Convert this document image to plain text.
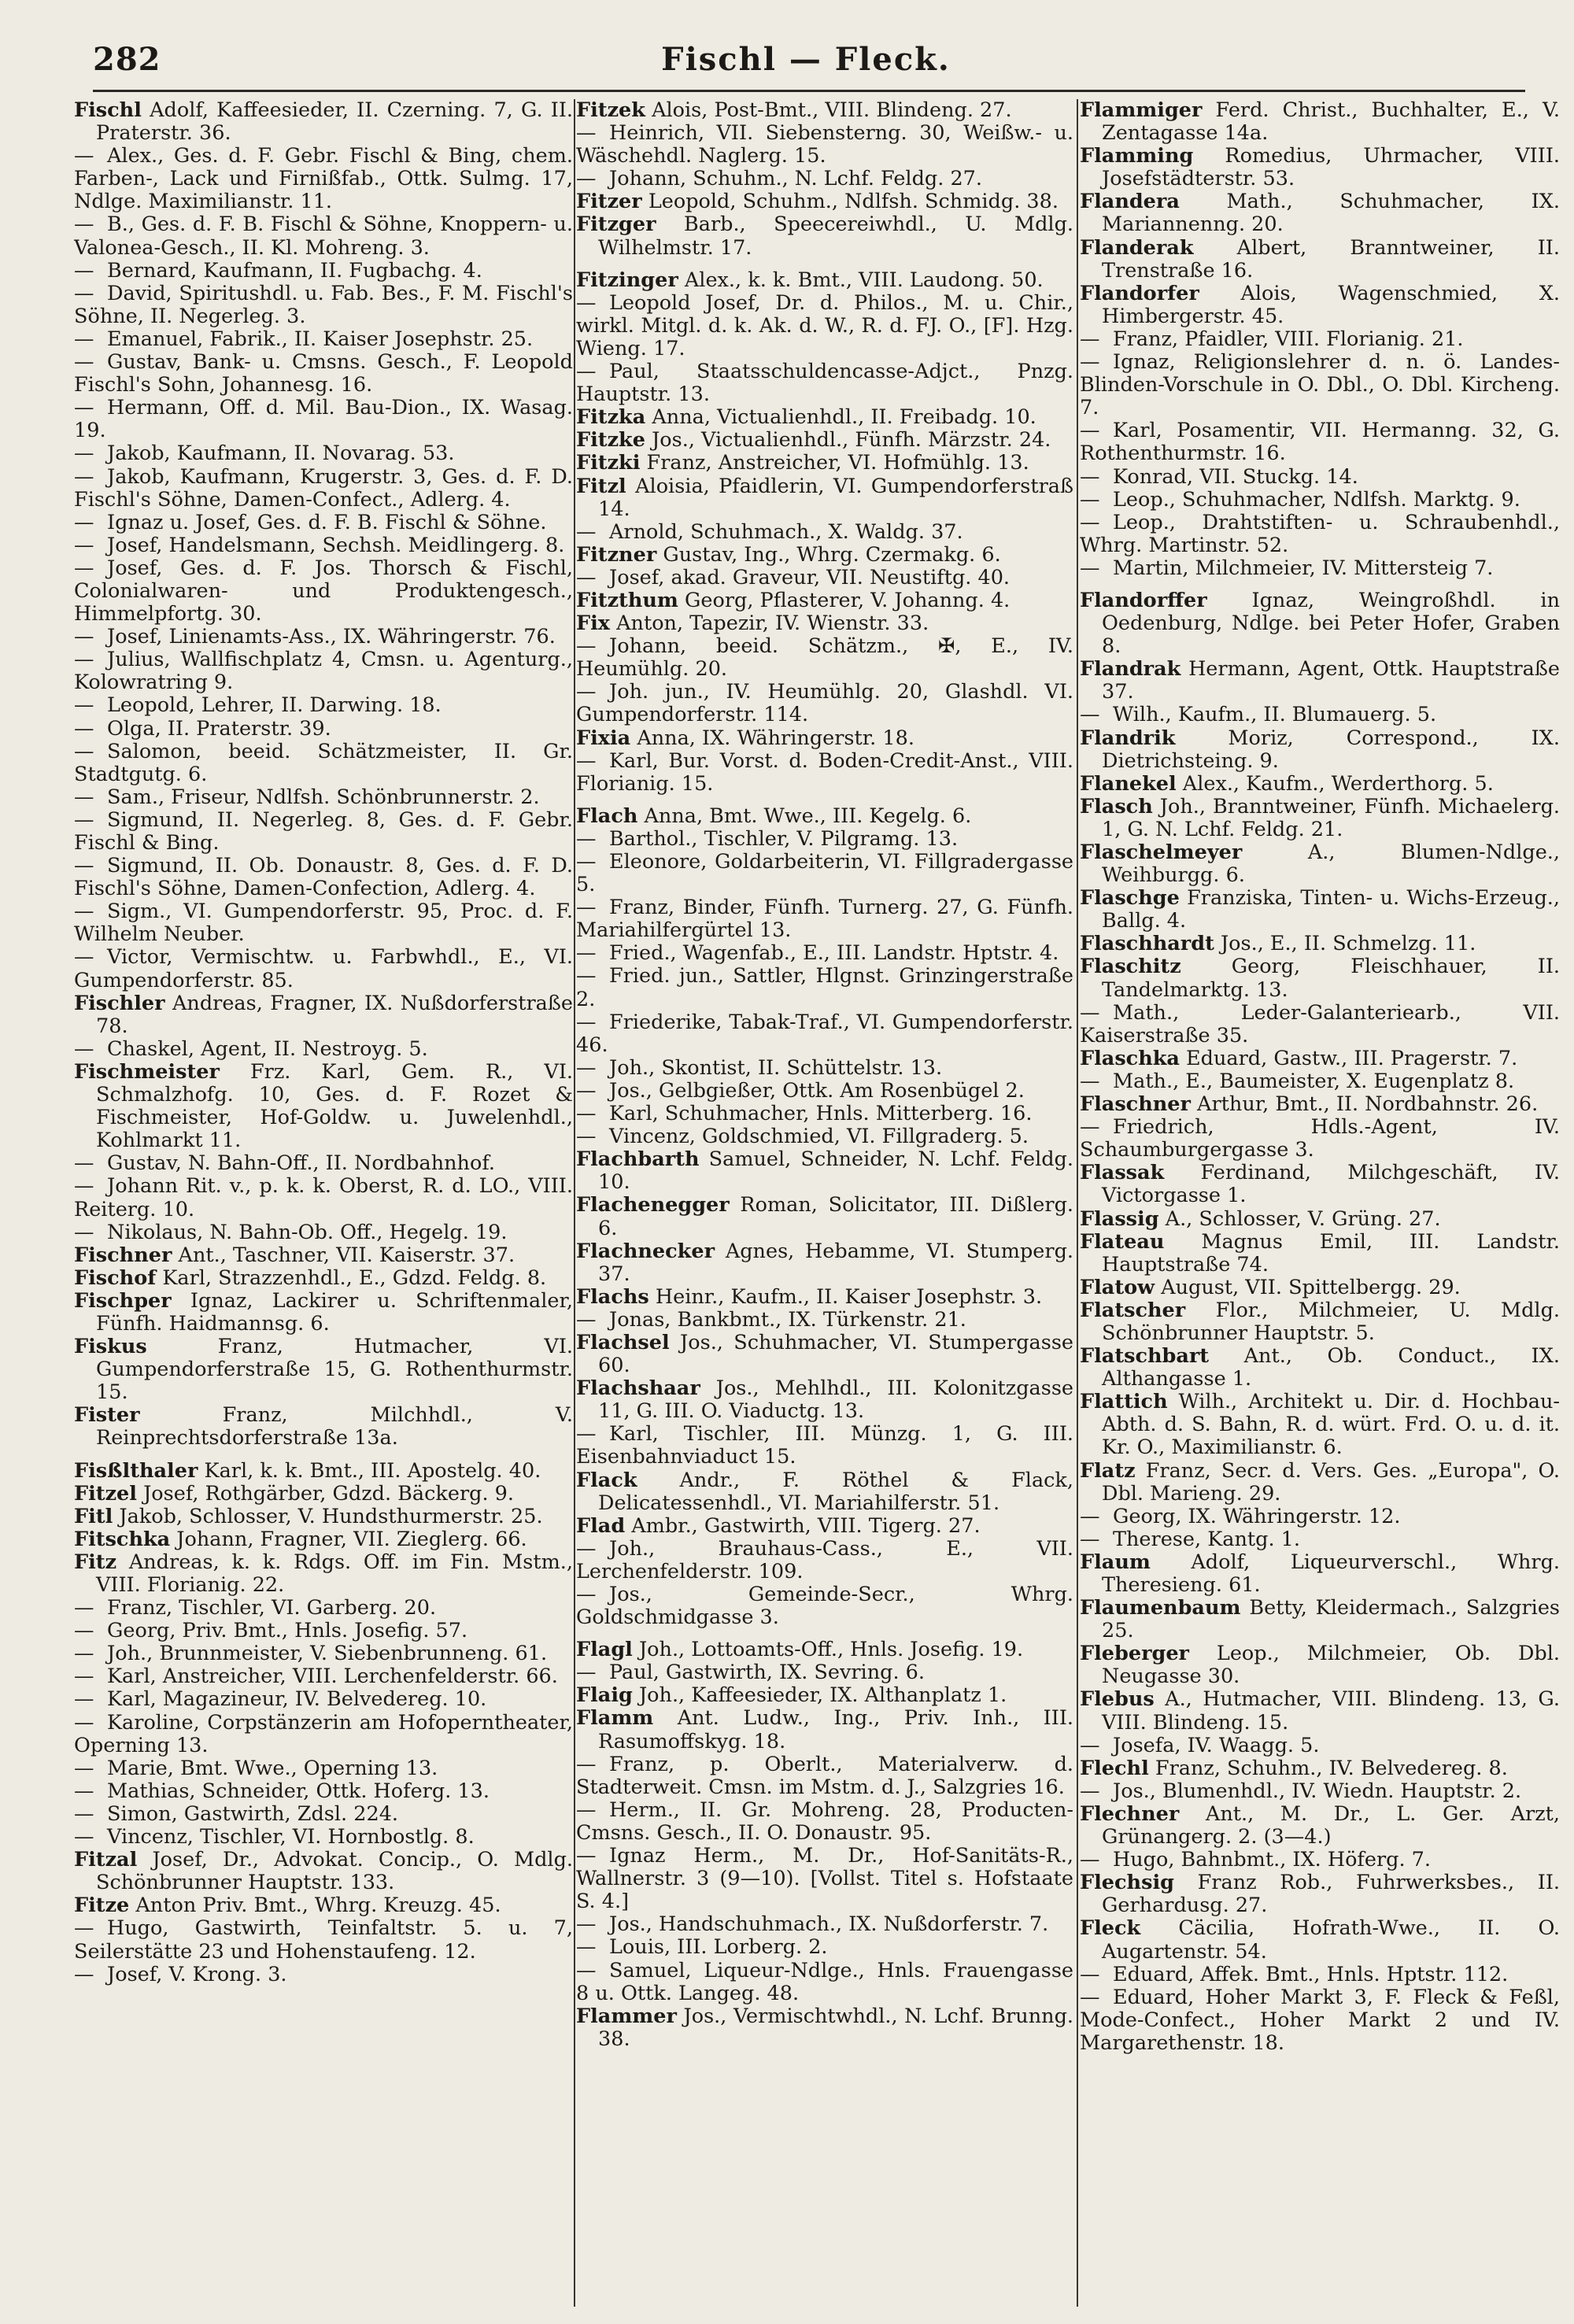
282	Fischl — Fleck.

Fischl Adolf, Kaffeesieder, II. Czerning. 7, G. II. Praterstr. 36.

— Alex., Ges. d. F. Gebr. Fischl & Bing, chem. Farben-, Lack und Firnißfab., Ottk. Sulmg. 17, Ndlge. Maximilianstr. 11.

— B., Ges. d. F. B. Fischl & Söhne, Knoppern- u. Valonea-Gesch., II. Kl. Mohreng. 3.

— Bernard, Kaufmann, II. Fugbachg. 4.

— David, Spiritushdl. u. Fab. Bes., F. M. Fischl's Söhne, II. Negerleg. 3.

— Emanuel, Fabrik., II. Kaiser Josephstr. 25.

— Gustav, Bank- u. Cmsns. Gesch., F. Leopold Fischl's Sohn, Johannesg. 16.

— Hermann, Off. d. Mil. Bau-Dion., IX. Wasag. 19.

— Jakob, Kaufmann, II. Novarag. 53.

— Jakob, Kaufmann, Krugerstr. 3, Ges. d. F. D. Fischl's Söhne, Damen-Confect., Adlerg. 4.

— Ignaz u. Josef, Ges. d. F. B. Fischl & Söhne.

— Josef, Handelsmann, Sechsh. Meidlingerg. 8.

— Josef, Ges. d. F. Jos. Thorsch & Fischl, Colonialwaren- und Produktengesch., Himmelpfortg. 30.

— Josef, Linienamts-Ass., IX. Währingerstr. 76.

— Julius, Wallfischplatz 4, Cmsn. u. Agenturg., Kolowratring 9.

— Leopold, Lehrer, II. Darwing. 18.

— Olga, II. Praterstr. 39.

— Salomon, beeid. Schätzmeister, II. Gr. Stadtgutg. 6.

— Sam., Friseur, Ndlfsh. Schönbrunnerstr. 2.

— Sigmund, II. Negerleg. 8, Ges. d. F. Gebr. Fischl & Bing.

— Sigmund, II. Ob. Donaustr. 8, Ges. d. F. D. Fischl's Söhne, Damen-Confection, Adlerg. 4.

— Sigm., VI. Gumpendorferstr. 95, Proc. d. F. Wilhelm Neuber.

— Victor, Vermischtw. u. Farbwhdl., E., VI. Gumpendorferstr. 85.

Fischler Andreas, Fragner, IX. Nußdorferstraße 78.

— Chaskel, Agent, II. Nestroyg. 5.

Fischmeister Frz. Karl, Gem. R., VI. Schmalzhofg. 10, Ges. d. F. Rozet & Fischmeister, Hof-Goldw. u. Juwelenhdl., Kohlmarkt 11.

— Gustav, N. Bahn-Off., II. Nordbahnhof.

— Johann Rit. v., p. k. k. Oberst, R. d. LO., VIII. Reiterg. 10.

— Nikolaus, N. Bahn-Ob. Off., Hegelg. 19.

Fischner Ant., Taschner, VII. Kaiserstr. 37.

Fischof Karl, Strazzenhdl., E., Gdzd. Feldg. 8.

Fischper Ignaz, Lackirer u. Schriftenmaler, Fünfh. Haidmannsg. 6.

Fiskus	Franz, Hutmacher, VI. Gumpendorferstraße 15, G. Rothenthurmstr. 15.

Fister	Franz, Milchhdl., V. Reinprechtsdorferstraße 13a.

Fisßlthaler Karl, k. k. Bmt., III. Apostelg. 40.

Fitzel Josef, Rothgärber, Gdzd. Bäckerg. 9.

Fitl Jakob, Schlosser, V. Hundsthurmerstr. 25.

Fitschka Johann, Fragner, VII. Zieglerg. 66.

Fitz Andreas, k. k. Rdgs. Off. im Fin. Mstm., VIII. Florianig. 22.

— Franz, Tischler, VI. Garberg. 20.

— Georg, Priv. Bmt., Hnls. Josefig. 57.

— Joh., Brunnmeister, V. Siebenbrunneng. 61.

— Karl, Anstreicher, VIII. Lerchenfelderstr. 66.

— Karl, Magazineur, IV. Belvedereg. 10.

— Karoline, Corpstänzerin am Hofoperntheater, Operning 13.

— Marie, Bmt. Wwe., Operning 13.

— Mathias, Schneider, Ottk. Hoferg. 13.

— Simon, Gastwirth, Zdsl. 224.

— Vincenz, Tischler, VI. Hornbostlg. 8.

Fitzal Josef, Dr., Advokat. Concip., O. Mdlg. Schönbrunner Hauptstr. 133.

Fitze Anton Priv. Bmt., Whrg. Kreuzg. 45.

— Hugo, Gastwirth, Teinfaltstr. 5. u. 7, Seilerstätte 23 und Hohenstaufeng. 12.

— Josef, V. Krong. 3.

Fitzek Alois, Post-Bmt., VIII. Blindeng. 27.

— Heinrich, VII. Siebensterng. 30, Weißw.- u. Wäschehdl. Naglerg. 15.

— Johann, Schuhm., N. Lchf. Feldg. 27.

Fitzer Leopold, Schuhm., Ndlfsh. Schmidg. 38.

Fitzger Barb., Speecereiwhdl., U. Mdlg. Wilhelmstr. 17.

Fitzinger Alex., k. k. Bmt., VIII. Laudong. 50.

— Leopold Josef, Dr. d. Philos., M. u. Chir., wirkl. Mitgl. d. k. Ak. d. W., R. d. FJ. O., [F]. Hzg. Wieng. 17.

— Paul, Staatsschuldencasse-Adjct., Pnzg. Hauptstr. 13.

Fitzka Anna, Victualienhdl., II. Freibadg. 10.

Fitzke Jos., Victualienhdl., Fünfh. Märzstr. 24.

Fitzki Franz, Anstreicher, VI. Hofmühlg. 13.

Fitzl Aloisia, Pfaidlerin, VI. Gumpendorferstraß 14.

— Arnold, Schuhmach., X. Waldg. 37.

Fitzner Gustav, Ing., Whrg. Czermakg. 6.

— Josef, akad. Graveur, VII. Neustiftg. 40.

Fitzthum Georg, Pflasterer, V. Johanng. 4.

Fix Anton, Tapezir, IV. Wienstr. 33.

— Johann, beeid. Schätzm., ✠, E., IV. Heumühlg. 20.

— Joh. jun., IV. Heumühlg. 20, Glashdl. VI. Gumpendorferstr. 114.

Fixia Anna, IX. Währingerstr. 18.

— Karl, Bur. Vorst. d. Boden-Credit-Anst., VIII. Florianig. 15.

Flach Anna, Bmt. Wwe., III. Kegelg. 6.

— Barthol., Tischler, V. Pilgramg. 13.

— Eleonore, Goldarbeiterin, VI. Fillgradergasse 5.

— Franz, Binder, Fünfh. Turnerg. 27, G. Fünfh. Mariahilfergürtel 13.

— Fried., Wagenfab., E., III. Landstr. Hptstr. 4.

— Fried. jun., Sattler, Hlgnst. Grinzingerstraße 2.

— Friederike, Tabak-Traf., VI. Gumpendorferstr. 46.

— Joh., Skontist, II. Schüttelstr. 13.

— Jos., Gelbgießer, Ottk. Am Rosenbügel 2.

— Karl, Schuhmacher, Hnls. Mitterberg. 16.

— Vincenz, Goldschmied, VI. Fillgraderg. 5.

Flachbarth Samuel, Schneider, N. Lchf. Feldg. 10.

Flachenegger Roman, Solicitator, III. Dißlerg. 6.

Flachnecker Agnes, Hebamme, VI. Stumperg. 37.

Flachs Heinr., Kaufm., II. Kaiser Josephstr. 3.

— Jonas, Bankbmt., IX. Türkenstr. 21.

Flachsel Jos., Schuhmacher, VI. Stumpergasse 60.

Flachshaar Jos., Mehlhdl., III. Kolonitzgasse 11, G. III. O. Viaductg. 13.

— Karl, Tischler, III. Münzg. 1, G. III. Eisenbahnviaduct 15.

Flack Andr., F. Röthel & Flack, Delicatessenhdl., VI. Mariahilferstr. 51.

Flad Ambr., Gastwirth, VIII. Tigerg. 27.

— Joh., Brauhaus-Cass., E., VII. Lerchenfelderstr. 109.

— Jos., Gemeinde-Secr., Whrg. Goldschmidgasse 3.

Flagl Joh., Lottoamts-Off., Hnls. Josefig. 19.

— Paul, Gastwirth, IX. Sevring. 6.

Flaig Joh., Kaffeesieder, IX. Althanplatz 1.

Flamm Ant. Ludw., Ing., Priv. Inh., III. Rasumoffskyg. 18.

— Franz, p. Oberlt., Materialverw. d. Stadterweit. Cmsn. im Mstm. d. J., Salzgries 16.

— Herm., II. Gr. Mohreng. 28, Producten-Cmsns. Gesch., II. O. Donaustr. 95.

— Ignaz Herm., M. Dr., Hof-Sanitäts-R., Wallnerstr. 3 (9—10). [Vollst. Titel s. Hofstaate S. 4.]

— Jos., Handschuhmach., IX. Nußdorferstr. 7.

— Louis, III. Lorberg. 2.

— Samuel, Liqueur-Ndlge., Hnls. Frauengasse 8 u. Ottk. Langeg. 48.

Flammer Jos., Vermischtwhdl., N. Lchf. Brunng. 38.

Flammiger Ferd. Christ., Buchhalter, E., V. Zentagasse 14a.

Flamming Romedius, Uhrmacher, VIII. Josefstädterstr. 53.

Flandera Math., Schuhmacher, IX. Mariannenng. 20.

Flanderak Albert, Branntweiner, II. Trenstraße 16.

Flandorfer Alois, Wagenschmied, X. Himbergerstr. 45.

— Franz, Pfaidler, VIII. Florianig. 21.

— Ignaz, Religionslehrer d. n. ö. Landes-Blinden-Vorschule in O. Dbl., O. Dbl. Kircheng. 7.

— Karl, Posamentir, VII. Hermanng. 32, G. Rothenthurmstr. 16.

— Konrad, VII. Stuckg. 14.

— Leop., Schuhmacher, Ndlfsh. Marktg. 9.

— Leop., Drahtstiften- u. Schraubenhdl., Whrg. Martinstr. 52.

— Martin, Milchmeier, IV. Mittersteig 7.

Flandorffer Ignaz, Weingroßhdl. in Oedenburg, Ndlge. bei Peter Hofer, Graben 8.

Flandrak Hermann, Agent, Ottk. Hauptstraße 37.

— Wilh., Kaufm., II. Blumauerg. 5.

Flandrik	Moriz, Correspond., IX. Dietrichsteing. 9.

Flanekel Alex., Kaufm., Werderthorg. 5.

Flasch Joh., Branntweiner, Fünfh. Michaelerg. 1, G. N. Lchf. Feldg. 21.

Flaschelmeyer	A., Blumen-Ndlge., Weihburgg. 6.

Flaschge Franziska, Tinten- u. Wichs-Erzeug., Ballg. 4.

Flaschhardt Jos., E., II. Schmelzg. 11.

Flaschitz	Georg, Fleischhauer, II. Tandelmarktg. 13.

— Math., Leder-Galanteriearb., VII. Kaiserstraße 35.

Flaschka Eduard, Gastw., III. Pragerstr. 7.

— Math., E., Baumeister, X. Eugenplatz 8.

Flaschner Arthur, Bmt., II. Nordbahnstr. 26.

— Friedrich, Hdls.-Agent, IV. Schaumburgergasse 3.

Flassak Ferdinand, Milchgeschäft, IV. Victorgasse 1.

Flassig A., Schlosser, V. Grüng. 27.

Flateau Magnus Emil, III. Landstr. Hauptstraße 74.

Flatow August, VII. Spittelbergg. 29.

Flatscher Flor., Milchmeier, U. Mdlg. Schönbrunner Hauptstr. 5.

Flatschbart Ant., Ob. Conduct., IX. Althangasse 1.

Flattich Wilh., Architekt u. Dir. d. Hochbau-Abth. d. S. Bahn, R. d. würt. Frd. O. u. d. it. Kr. O., Maximilianstr. 6.

Flatz Franz, Secr. d. Vers. Ges. „Europa", O. Dbl. Marieng. 29.

— Georg, IX. Währingerstr. 12.

— Therese, Kantg. 1.

Flaum Adolf, Liqueurverschl., Whrg. Theresieng. 61.

Flaumenbaum Betty, Kleidermach., Salzgries 25.

Fleberger Leop., Milchmeier, Ob. Dbl. Neugasse 30.

Flebus A., Hutmacher, VIII. Blindeng. 13, G. VIII. Blindeng. 15.

— Josefa, IV. Waagg. 5.

Flechl Franz, Schuhm., IV. Belvedereg. 8.

— Jos., Blumenhdl., IV. Wiedn. Hauptstr. 2.

Flechner Ant., M. Dr., L. Ger. Arzt, Grünangerg. 2. (3—4.)

— Hugo, Bahnbmt., IX. Höferg. 7.

Flechsig Franz Rob., Fuhrwerksbes., II. Gerhardusg. 27.

Fleck Cäcilia, Hofrath-Wwe., II. O. Augartenstr. 54.

— Eduard, Affek. Bmt., Hnls. Hptstr. 112.

— Eduard, Hoher Markt 3, F. Fleck & Feßl, Mode-Confect., Hoher Markt 2 und IV. Margarethenstr. 18.
